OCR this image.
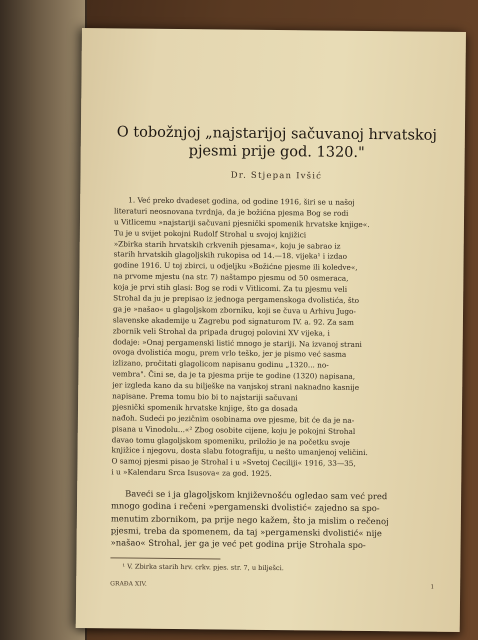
O tobožnjoj „najstarijoj sačuvanoj hrvatskoj
pjesmi prije god. 1320."
Dr. Stjepan Ivšić
1. Već preko dvadeset godina, od godine 1916, širi se u našoj
literaturi neosnovana tvrdnja, da je božićna pjesma Bog se rodi
u Vitlicemu »najstariji sačuvani pjesnički spomenik hrvatske knjige«.
Tu je u svijet pokojni Rudolf Strohal u svojoj knjižici
»Zbirka starih hrvatskih crkvenih pjesama«, koju je sabrao iz
starih hrvatskih glagoljskih rukopisa od 14.—18. vijeka¹ i izdao
godine 1916. U toj zbirci, u odjeljku »Božićne pjesme ili koledve«,
na prvome mjestu (na str. 7) naštampo pjesmu od 50 osmeraca,
koja je prvi stih glasi: Bog se rodi v Vitlicomi. Za tu pjesmu veli
Strohal da ju je prepisao iz jednoga pergamenskoga dvolistića, što
ga je »našao« u glagoljskom zborniku, koji se čuva u Arhivu Jugo-
slavenske akademije u Zagrebu pod signaturom IV. a. 92. Za sam
zbornik veli Strohal da pripada drugoj polovini XV vijeka, i
dodaje: »Onaj pergamenski listić mnogo je stariji. Na izvanoj strani
ovoga dvolistića mogu, prem vrlo teško, jer je pismo već sasma
izlizano, pročitati glagolicom napisanu godinu „1320... no-
vembra". Čini se, da je ta pjesma prije te godine (1320) napisana,
jer izgleda kano da su bilješke na vanjskoj strani naknadno kasnije
napisane. Prema tomu bio bi to najstariji sačuvani
pjesnički spomenik hrvatske knjige, što ga dosada
nađoh. Sudeći po jezičnim osobinama ove pjesme, bit će da je na-
pisana u Vinodolu...«² Zbog osobite cijene, koju je pokojni Strohal
davao tomu glagoljskom spomeniku, priložio je na početku svoje
knjižice i njegovu, dosta slabu fotografiju, u nešto umanjenoj veličini.
O samoj pjesmi pisao je Strohal i u »Svetoj Ceciliji« 1916, 33—35,
i u »Kalendaru Srca Isusova« za god. 1925.
Baveći se i ja glagoljskom književnošću ogledao sam već pred
mnogo godina i rečeni »pergamenski dvolistić« zajedno sa spo-
menutim zbornikom, pa prije nego kažem, što ja mislim o rečenoj
pjesmi, treba da spomenem, da taj »pergamenski dvolistić« nije
»našao« Strohal, jer ga je već pet godina prije Strohala spo-
¹ V. Zbirka starih hrv. crkv. pjes. str. 7, u bilješci.
GRAĐA XIV.	1
